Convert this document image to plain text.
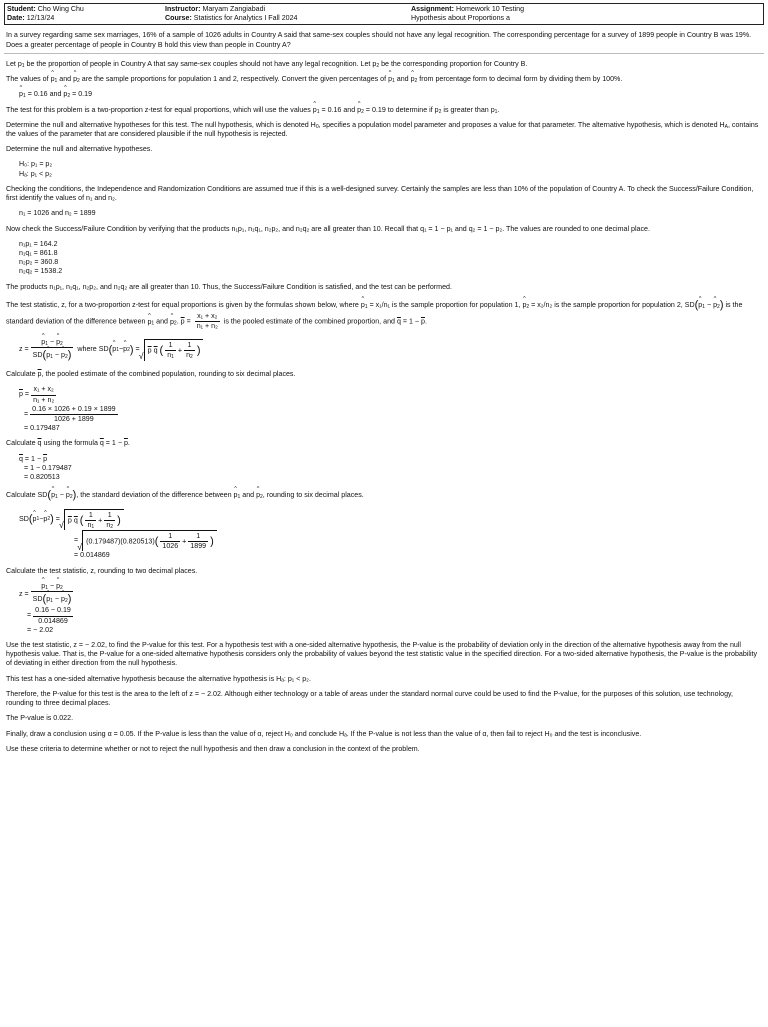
Student: Cho Wing Chu	Instructor: Maryam Zangiabadi	Assignment: Homework 10 Testing
Date: 12/13/24	Course: Statistics for Analytics I Fall 2024	Hypothesis about Proportions a
In a survey regarding same sex marriages, 16% of a sample of 1026 adults in Country A said that same-sex couples should not have any legal recognition. The corresponding percentage for a survey of 1899 people in Country B was 19%. Does a greater percentage of people in Country B hold this view than people in Country A?

Let $p_1$ be the proportion of people in Country A that say same-sex couples should not have any legal recognition. Let $p_2$ be the corresponding proportion for Country B.

The values of ^ $p_1$ and ^ $p_2$ are the sample proportions for population 1 and 2, respectively. Convert the given percentages of ^ $p_1$ and ^ $p_2$ from percentage form to decimal form by dividing them by 100%.

^ $p_1 = 0.16$ and ^ $p_2 = 0.19$

The test for this problem is a two-proportion z-test for equal proportions, which will use the values ^ $p_1 = 0.16$ and ^ $p_2 = 0.19$ to determine if $p_2$ is greater than $p_1$.

Determine the null and alternative hypotheses for this test. The null hypothesis, which is denoted $H_0$, specifies a population model parameter and proposes a value for that parameter. The alternative hypothesis, which is denoted $H_A$, contains the values of the parameter that are considered plausible if the null hypothesis is rejected.

Determine the null and alternative hypotheses.

H₀: p₁ = p₂
Hₐ: p₁ < p₂

Checking the conditions, the Independence and Randomization Conditions are assumed true if this is a well-designed survey. Certainly the samples are less than 10% of the population of Country A. To check the Success/Failure Condition, first identify the values of n₁ and n₂.

n₁ = 1026 and n₂ = 1899

Now check the Success/Failure Condition by verifying that the products n₁p₁, n₁q₁, n₂p₂, and n₂q₂ are all greater than 10. Recall that q₁ = 1 − p₁ and q₂ = 1 − p₂. The values are rounded to one decimal place.

n₁p₁ = 164.2
n₁q₁ = 861.8
n₂p₂ = 360.8
n₂q₂ = 1538.2

The products n₁p₁, n₁q₁, n₂p₂, and n₂q₂ are all greater than 10. Thus, the Success/Failure Condition is satisfied, and the test can be performed.

The test statistic, z, for a two-proportion z-test for equal proportions is given by the formulas shown below, where ^ $p_1 = x_1/n_1$ is the sample proportion for population 1, ^ $p_2 = x_2/n_2$ is the sample proportion for population 2, SD(^ $p_1$ − ^ $p_2$) is the standard deviation of the difference between ^ $p_1$ and ^ $p_2$. $\overline{p} = \frac{\text{x₁ + x₂}}{\text{n₁ + n₂}}$ is the pooled estimate of the combined proportion, and $\overline{q} = 1 - \overline{p}$.

z = ^ $\frac{p_1 - \^{} p_2}{SD(\^{} p_1 - \^{} p_2)}$
where SD ( ^ p 1 − ^ p 2 )
=
	√ $\overline{p}$ $\overline{q}$ ( $\frac{1}{n_1} + \frac{1}{n_2}$ )

Calculate $\overline{p}$, the pooled estimate of the combined population, rounding to six decimal places.

$\overline{p} = \frac{\text{x₁ + x₂}}{\text{n₁ + n₂}}$
= $\frac{0.16 \times 1026 + 0.19 \times 1899}{1026 + 1899}$
= 0.179487

Calculate $\overline{q}$ using the formula $\overline{q} = 1 - \overline{p}$.

$\overline{q} = 1 - \overline{p}$
= 1 − 0.179487
= 0.820513

Calculate SD(^ $p_1$ − ^ $p_2$), the standard deviation of the difference between ^ $p_1$ and ^ $p_2$, rounding to six decimal places.

SD ( ^ p 1 − ^ p 2 ) = √ $\overline{p}$ $\overline{q}$ ( $\frac{1}{n_1} + \frac{1}{n_2}$ )
= √ $(0.179487)(0.820513)( \frac{1}{1026} + \frac{1}{1899}$ )
= 0.014869

Calculate the test statistic, z, rounding to two decimal places.

z = ^ $\frac{p_1 - \^{} p_2}{SD(\^{} p_1 - \^{} p_2)}$
= $\frac{0.16 - 0.19}{0.014869}$
= − 2.02

Use the test statistic, z = − 2.02, to find the P-value for this test. For a hypothesis test with a one-sided alternative hypothesis, the P-value is the probability of deviation only in the direction of the alternative hypothesis away from the null hypothesis value. That is, the P-value for a one-sided alternative hypothesis considers only the probability of values beyond the test statistic value in the specified direction. For a two-sided alternative hypothesis, the P-value is the probability of deviating in either direction from the null hypothesis.

This test has a one-sided alternative hypothesis because the alternative hypothesis is Hₐ: p₁ < p₂.

Therefore, the P-value for this test is the area to the left of z = − 2.02. Although either technology or a table of areas under the standard normal curve could be used to find the P-value, for the purposes of this solution, use technology, rounding to three decimal places.

The P-value is 0.022.

Finally, draw a conclusion using α = 0.05. If the P-value is less than the value of α, reject H₀ and conclude Hₐ. If the P-value is not less than the value of α, then fail to reject H₀ and the test is inconclusive.

Use these criteria to determine whether or not to reject the null hypothesis and then draw a conclusion in the context of the problem.
